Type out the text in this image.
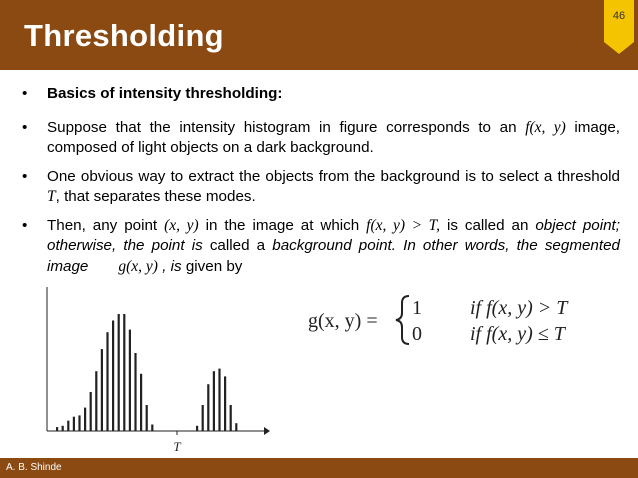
Thresholding
46
• Basics of intensity thresholding:
• Suppose that the intensity histogram in figure corresponds to an f(x, y) image, composed of light objects on a dark background.
• One obvious way to extract the objects from the background is to select a threshold T, that separates these modes.
• Then, any point (x, y) in the image at which f(x, y) > T, is called an object point; otherwise, the point is called a background point. In other words, the segmented image g(x, y) , is given by
T
g(x, y) =
1
0
if f(x, y) > T
if f(x, y) ≤ T
A. B. Shinde
